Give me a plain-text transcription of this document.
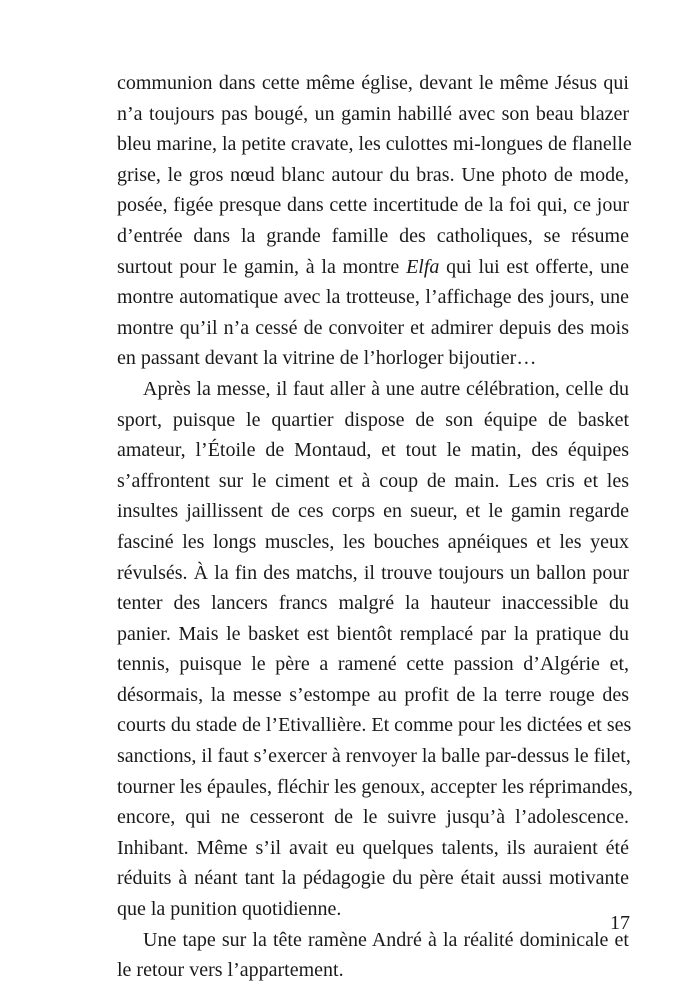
communion dans cette même église, devant le même Jésus qui
n’a toujours pas bougé, un gamin habillé avec son beau blazer
bleu marine, la petite cravate, les culottes mi-longues de flanelle
grise, le gros nœud blanc autour du bras. Une photo de mode,
posée, figée presque dans cette incertitude de la foi qui, ce jour
d’entrée dans la grande famille des catholiques, se résume
surtout pour le gamin, à la montre Elfa qui lui est offerte, une
montre automatique avec la trotteuse, l’affichage des jours, une
montre qu’il n’a cessé de convoiter et admirer depuis des mois
en passant devant la vitrine de l’horloger bijoutier…
Après la messe, il faut aller à une autre célébration, celle du
sport, puisque le quartier dispose de son équipe de basket
amateur, l’Étoile de Montaud, et tout le matin, des équipes
s’affrontent sur le ciment et à coup de main. Les cris et les
insultes jaillissent de ces corps en sueur, et le gamin regarde
fasciné les longs muscles, les bouches apnéiques et les yeux
révulsés. À la fin des matchs, il trouve toujours un ballon pour
tenter des lancers francs malgré la hauteur inaccessible du
panier. Mais le basket est bientôt remplacé par la pratique du
tennis, puisque le père a ramené cette passion d’Algérie et,
désormais, la messe s’estompe au profit de la terre rouge des
courts du stade de l’Etivallière. Et comme pour les dictées et ses
sanctions, il faut s’exercer à renvoyer la balle par-dessus le filet,
tourner les épaules, fléchir les genoux, accepter les réprimandes,
encore, qui ne cesseront de le suivre jusqu’à l’adolescence.
Inhibant. Même s’il avait eu quelques talents, ils auraient été
réduits à néant tant la pédagogie du père était aussi motivante
que la punition quotidienne.
Une tape sur la tête ramène André à la réalité dominicale et
le retour vers l’appartement.
17
